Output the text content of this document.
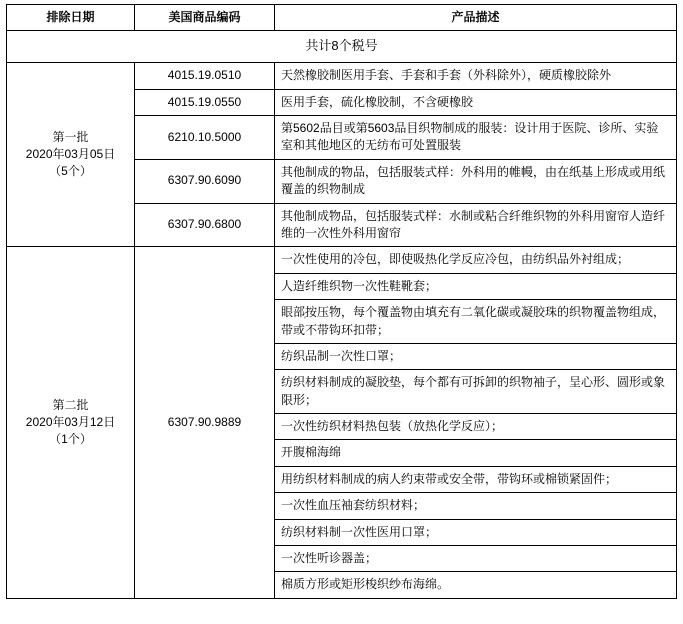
排除日期	美国商品编码	产品描述
共计8个税号		

第一批
2020年03月05日
（5个）	4015.19.0510	天然橡胶制医用手套、手套和手套（外科除外），硬质橡胶除外
	4015.19.0550	医用手套，硫化橡胶制，不含硬橡胶
	6210.10.5000	第5602品目或第5603品目织物制成的服装：设计用于医院、诊所、实验室和其他地区的无纺布可处置服装
	6307.90.6090	其他制成的物品，包括服装式样：外科用的帷幔，由在纸基上形成或用纸覆盖的织物制成
	6307.90.6800	其他制成物品，包括服装式样：水制或粘合纤维织物的外科用窗帘人造纤维的一次性外科用窗帘

第二批
2020年03月12日
（1个）	6307.90.9889	一次性使用的冷包，即使吸热化学反应冷包，由纺织品外衬组成；
		人造纤维织物一次性鞋靴套；
		眼部ְ按压物，每个覆盖物由填充有二氧化碳或凝胶珠的织物覆盖物组成，带或不带钩环扣带；
		纺织品制一次性口罩；
		纺织材料制成的凝胶垫，每个都有可拆卸的织物袖子，呈心形、圆形或象限形；
		一次性纺织材料热包装（放热化学反应）；
		开腹棉海绵
		用纺织材料制成的病人约束带或安全带，带钩环或棉锁紧固件；
		一次性血压袖套纺织材料；
		纺织材料制一次性医用口罩；
		一次性听诊器盖；
		棉质方形或矩形梭织纱布海绵。
